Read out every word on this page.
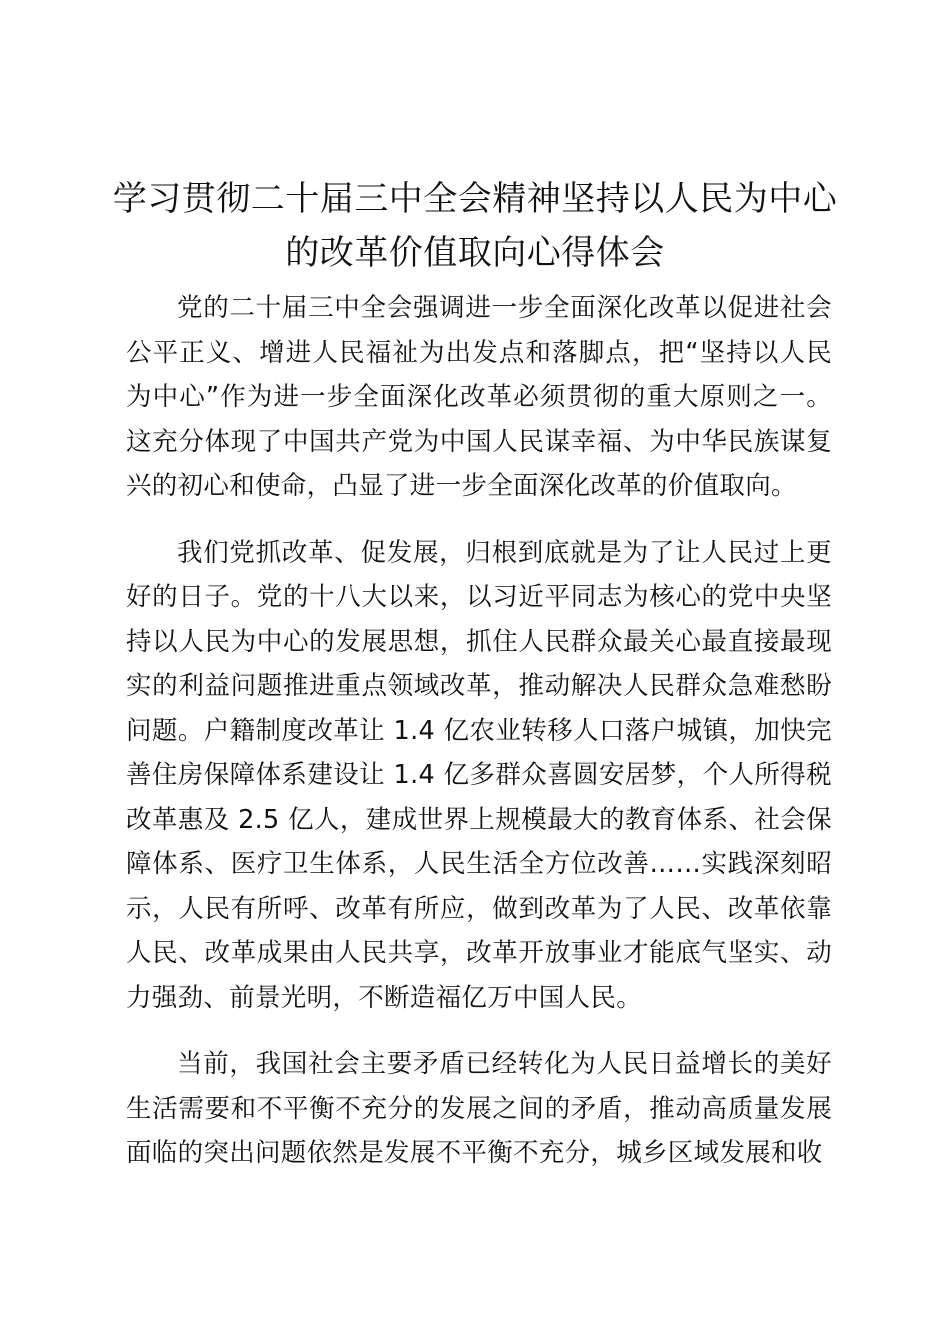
学习贯彻二十届三中全会精神坚持以人民为中心的改革价值取向心得体会

党的二十届三中全会强调进一步全面深化改革以促进社会公平正义、增进人民福祉为出发点和落脚点，把“坚持以人民为中心”作为进一步全面深化改革必须贯彻的重大原则之一。这充分体现了中国共产党为中国人民谋幸福、为中华民族谋复兴的初心和使命，凸显了进一步全面深化改革的价值取向。

我们党抓改革、促发展，归根到底就是为了让人民过上更好的日子。党的十八大以来，以习近平同志为核心的党中央坚持以人民为中心的发展思想，抓住人民群众最关心最直接最现实的利益问题推进重点领域改革，推动解决人民群众急难愁盼问题。户籍制度改革让 1.4 亿农业转移人口落户城镇，加快完善住房保障体系建设让 1.4 亿多群众喜圆安居梦，个人所得税改革惠及 2.5 亿人，建成世界上规模最大的教育体系、社会保障体系、医疗卫生体系，人民生活全方位改善……实践深刻昭示，人民有所呼、改革有所应，做到改革为了人民、改革依靠人民、改革成果由人民共享，改革开放事业才能底气坚实、动力强劲、前景光明，不断造福亿万中国人民。

当前，我国社会主要矛盾已经转化为人民日益增长的美好生活需要和不平衡不充分的发展之间的矛盾，推动高质量发展面临的突出问题依然是发展不平衡不充分，城乡区域发展和收
